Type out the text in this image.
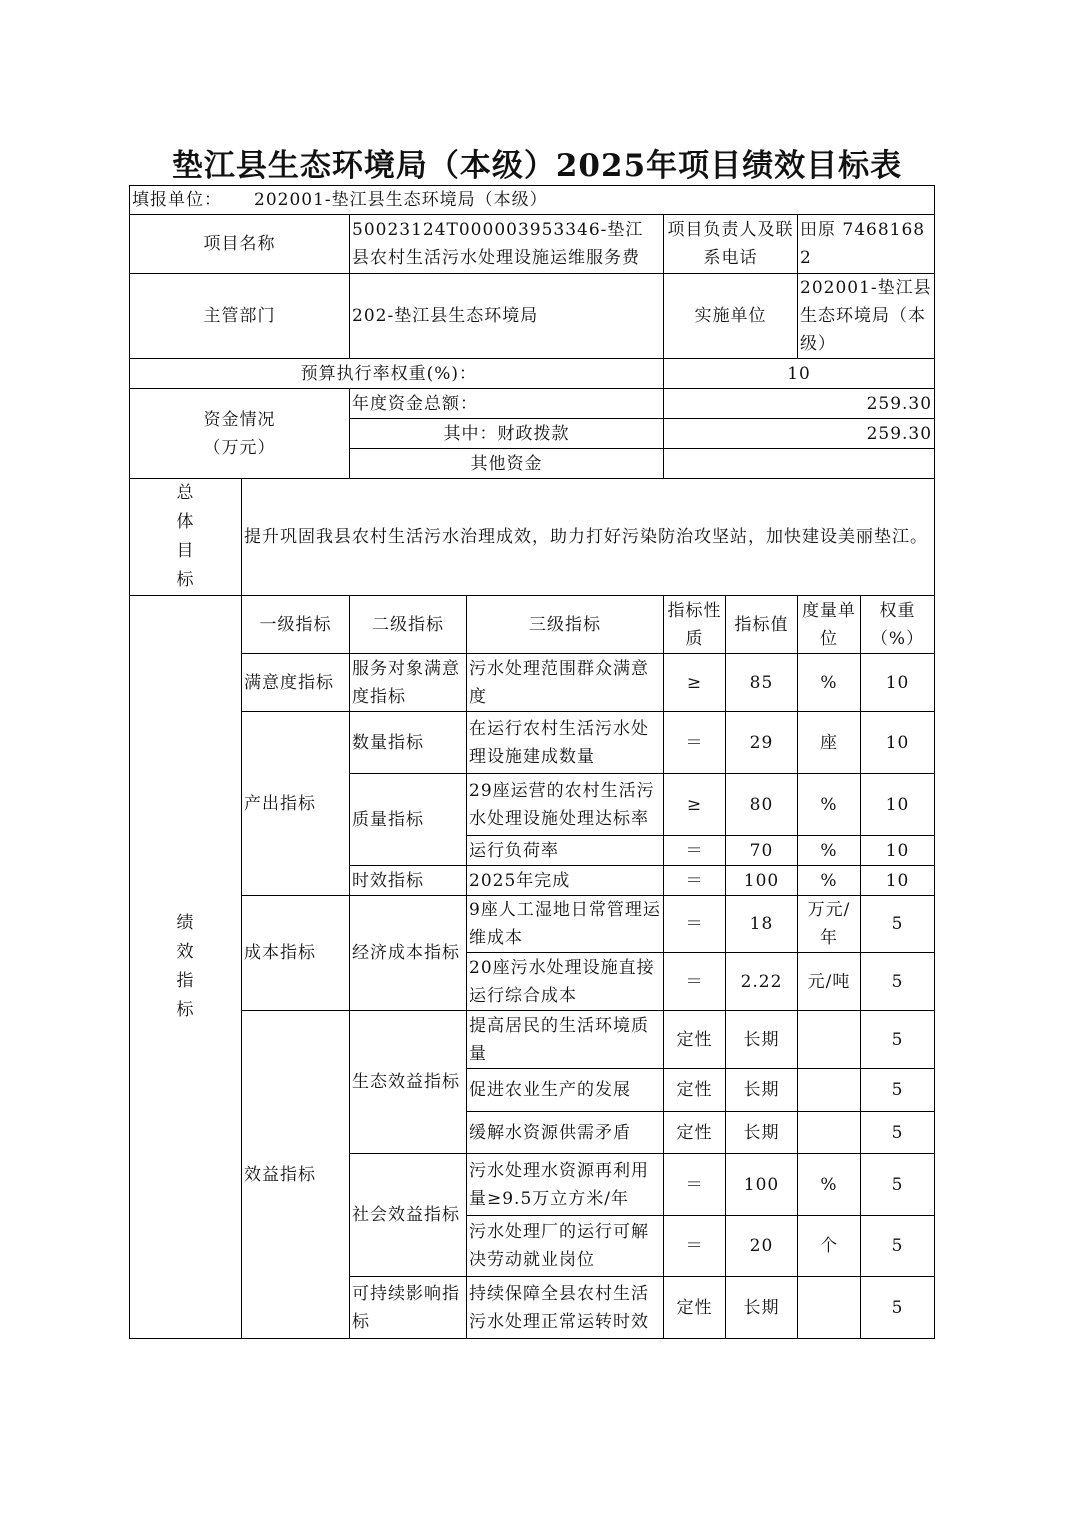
垫江县生态环境局（本级）2025年项目绩效目标表
填报单位： 202001-垫江县生态环境局（本级）							
项目名称		50023124T000003953346-垫江县农村生活污水处理设施运维服务费		项目负责人及联系电话		田原 74681682	
主管部门		202-垫江县生态环境局		实施单位		202001-垫江县生态环境局（本级）	
预算执行率权重(%)：				10			
资金情况
（万元）		年度资金总额：		259.30			
		其中：财政拨款		259.30			
		其他资金					

总
体
目
标	提升巩固我县农村生活污水治理成效，助力打好污染防治攻坚站，加快建设美丽垫江。						

绩
效
指
标	一级指标	二级指标	三级指标	指标性质	指标值	度量单位	权重（%）
	满意度指标	服务对象满意度指标	污水处理范围群众满意度	≥	85	%	10
	产出指标	数量指标	在运行农村生活污水处理设施建成数量	＝	29	座	10
		质量指标	29座运营的农村生活污水处理设施处理达标率	≥	80	%	10
			运行负荷率	＝	70	%	10
		时效指标	2025年完成	＝	100	%	10
	成本指标	经济成本指标	9座人工湿地日常管理运维成本	＝	18	万元/年	5
			20座污水处理设施直接运行综合成本	＝	2.22	元/吨	5
	效益指标	生态效益指标	提高居民的生活环境质量	定性	长期		5
			促进农业生产的发展	定性	长期		5
			缓解水资源供需矛盾	定性	长期		5
		社会效益指标	污水处理水资源再利用量≥9.5万立方米/年	＝	100	%	5
			污水处理厂的运行可解决劳动就业岗位	＝	20	个	5
		可持续影响指标	持续保障全县农村生活污水处理正常运转时效	定性	长期		5
